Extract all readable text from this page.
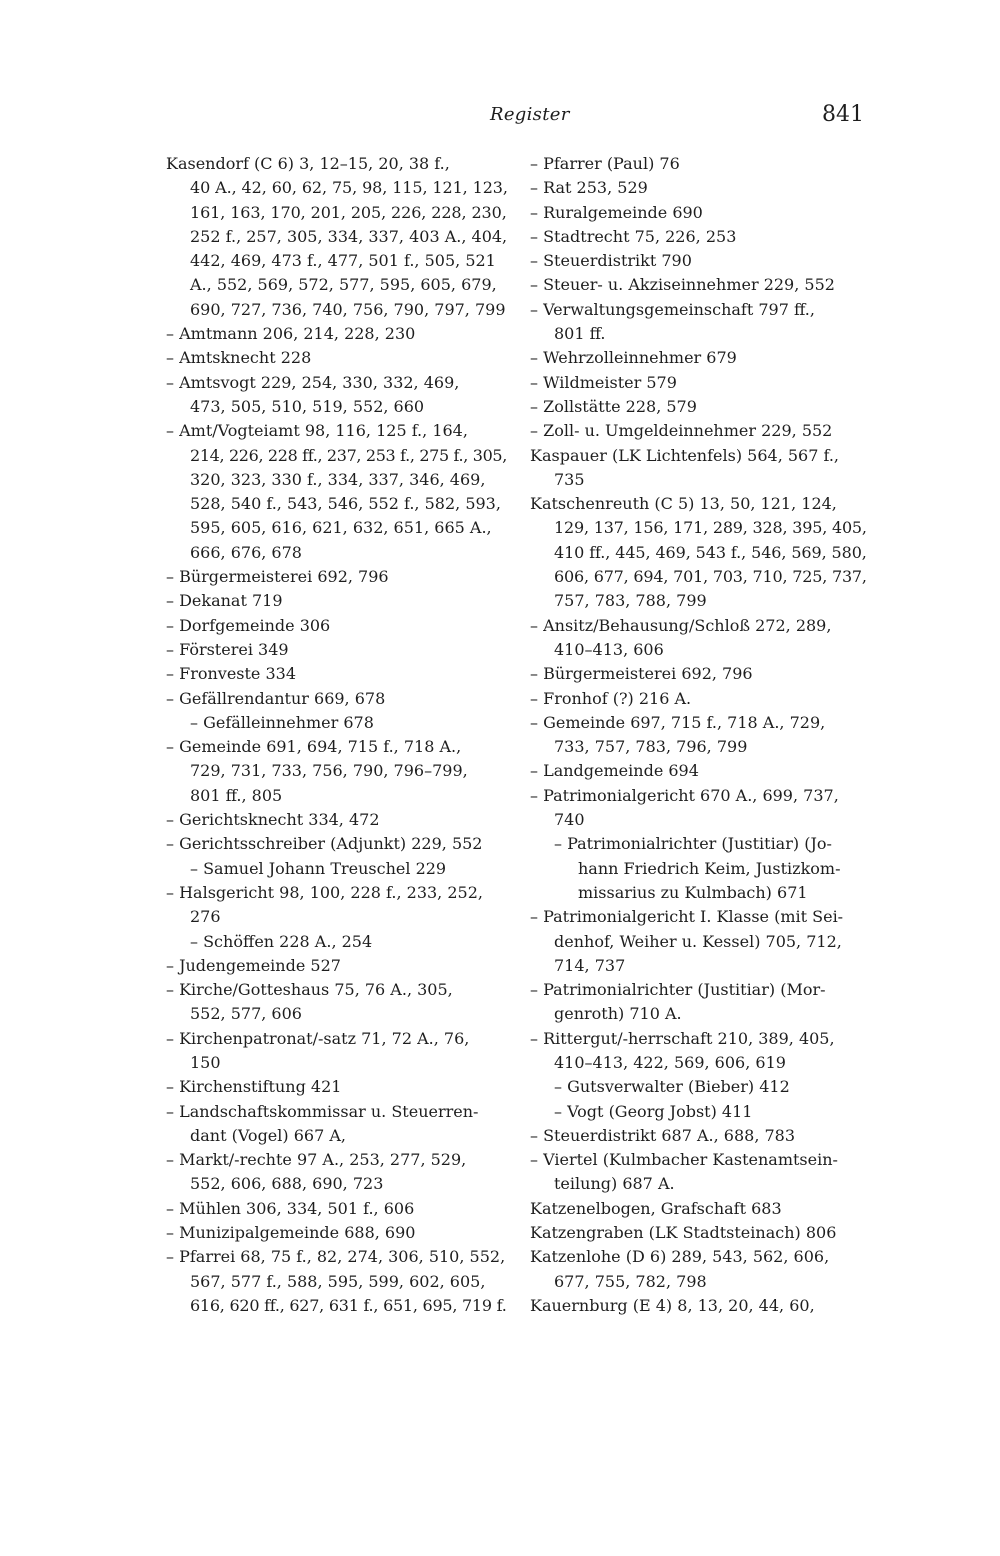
Register	841
Kasendorf (C 6) 3, 12–15, 20, 38 f.,
40 A., 42, 60, 62, 75, 98, 115, 121, 123,
161, 163, 170, 201, 205, 226, 228, 230,
252 f., 257, 305, 334, 337, 403 A., 404,
442, 469, 473 f., 477, 501 f., 505, 521
A., 552, 569, 572, 577, 595, 605, 679,
690, 727, 736, 740, 756, 790, 797, 799
– Amtmann 206, 214, 228, 230
– Amtsknecht 228
– Amtsvogt 229, 254, 330, 332, 469,
473, 505, 510, 519, 552, 660
– Amt/Vogteiamt 98, 116, 125 f., 164,
214, 226, 228 ff., 237, 253 f., 275 f., 305,
320, 323, 330 f., 334, 337, 346, 469,
528, 540 f., 543, 546, 552 f., 582, 593,
595, 605, 616, 621, 632, 651, 665 A.,
666, 676, 678
– Bürgermeisterei 692, 796
– Dekanat 719
– Dorfgemeinde 306
– Försterei 349
– Fronveste 334
– Gefällrendantur 669, 678
– Gefälleinnehmer 678
– Gemeinde 691, 694, 715 f., 718 A.,
729, 731, 733, 756, 790, 796–799,
801 ff., 805
– Gerichtsknecht 334, 472
– Gerichtsschreiber (Adjunkt) 229, 552
– Samuel Johann Treuschel 229
– Halsgericht 98, 100, 228 f., 233, 252,
276
– Schöffen 228 A., 254
– Judengemeinde 527
– Kirche/Gotteshaus 75, 76 A., 305,
552, 577, 606
– Kirchenpatronat/-satz 71, 72 A., 76,
150
– Kirchenstiftung 421
– Landschaftskommissar u. Steuerren-
dant (Vogel) 667 A,
– Markt/-rechte 97 A., 253, 277, 529,
552, 606, 688, 690, 723
– Mühlen 306, 334, 501 f., 606
– Munizipalgemeinde 688, 690
– Pfarrei 68, 75 f., 82, 274, 306, 510, 552,
567, 577 f., 588, 595, 599, 602, 605,
616, 620 ff., 627, 631 f., 651, 695, 719 f.
– Pfarrer (Paul) 76
– Rat 253, 529
– Ruralgemeinde 690
– Stadtrecht 75, 226, 253
– Steuerdistrikt 790
– Steuer- u. Akziseinnehmer 229, 552
– Verwaltungsgemeinschaft 797 ff.,
801 ff.
– Wehrzolleinnehmer 679
– Wildmeister 579
– Zollstätte 228, 579
– Zoll- u. Umgeldeinnehmer 229, 552
Kaspauer (LK Lichtenfels) 564, 567 f.,
735
Katschenreuth (C 5) 13, 50, 121, 124,
129, 137, 156, 171, 289, 328, 395, 405,
410 ff., 445, 469, 543 f., 546, 569, 580,
606, 677, 694, 701, 703, 710, 725, 737,
757, 783, 788, 799
– Ansitz/Behausung/Schloß 272, 289,
410–413, 606
– Bürgermeisterei 692, 796
– Fronhof (?) 216 A.
– Gemeinde 697, 715 f., 718 A., 729,
733, 757, 783, 796, 799
– Landgemeinde 694
– Patrimonialgericht 670 A., 699, 737,
740
– Patrimonialrichter (Justitiar) (Jo-
hann Friedrich Keim, Justizkom-
missarius zu Kulmbach) 671
– Patrimonialgericht I. Klasse (mit Sei-
denhof, Weiher u. Kessel) 705, 712,
714, 737
– Patrimonialrichter (Justitiar) (Mor-
genroth) 710 A.
– Rittergut/-herrschaft 210, 389, 405,
410–413, 422, 569, 606, 619
– Gutsverwalter (Bieber) 412
– Vogt (Georg Jobst) 411
– Steuerdistrikt 687 A., 688, 783
– Viertel (Kulmbacher Kastenamtsein-
teilung) 687 A.
Katzenelbogen, Grafschaft 683
Katzengraben (LK Stadtsteinach) 806
Katzenlohe (D 6) 289, 543, 562, 606,
677, 755, 782, 798
Kauernburg (E 4) 8, 13, 20, 44, 60,
